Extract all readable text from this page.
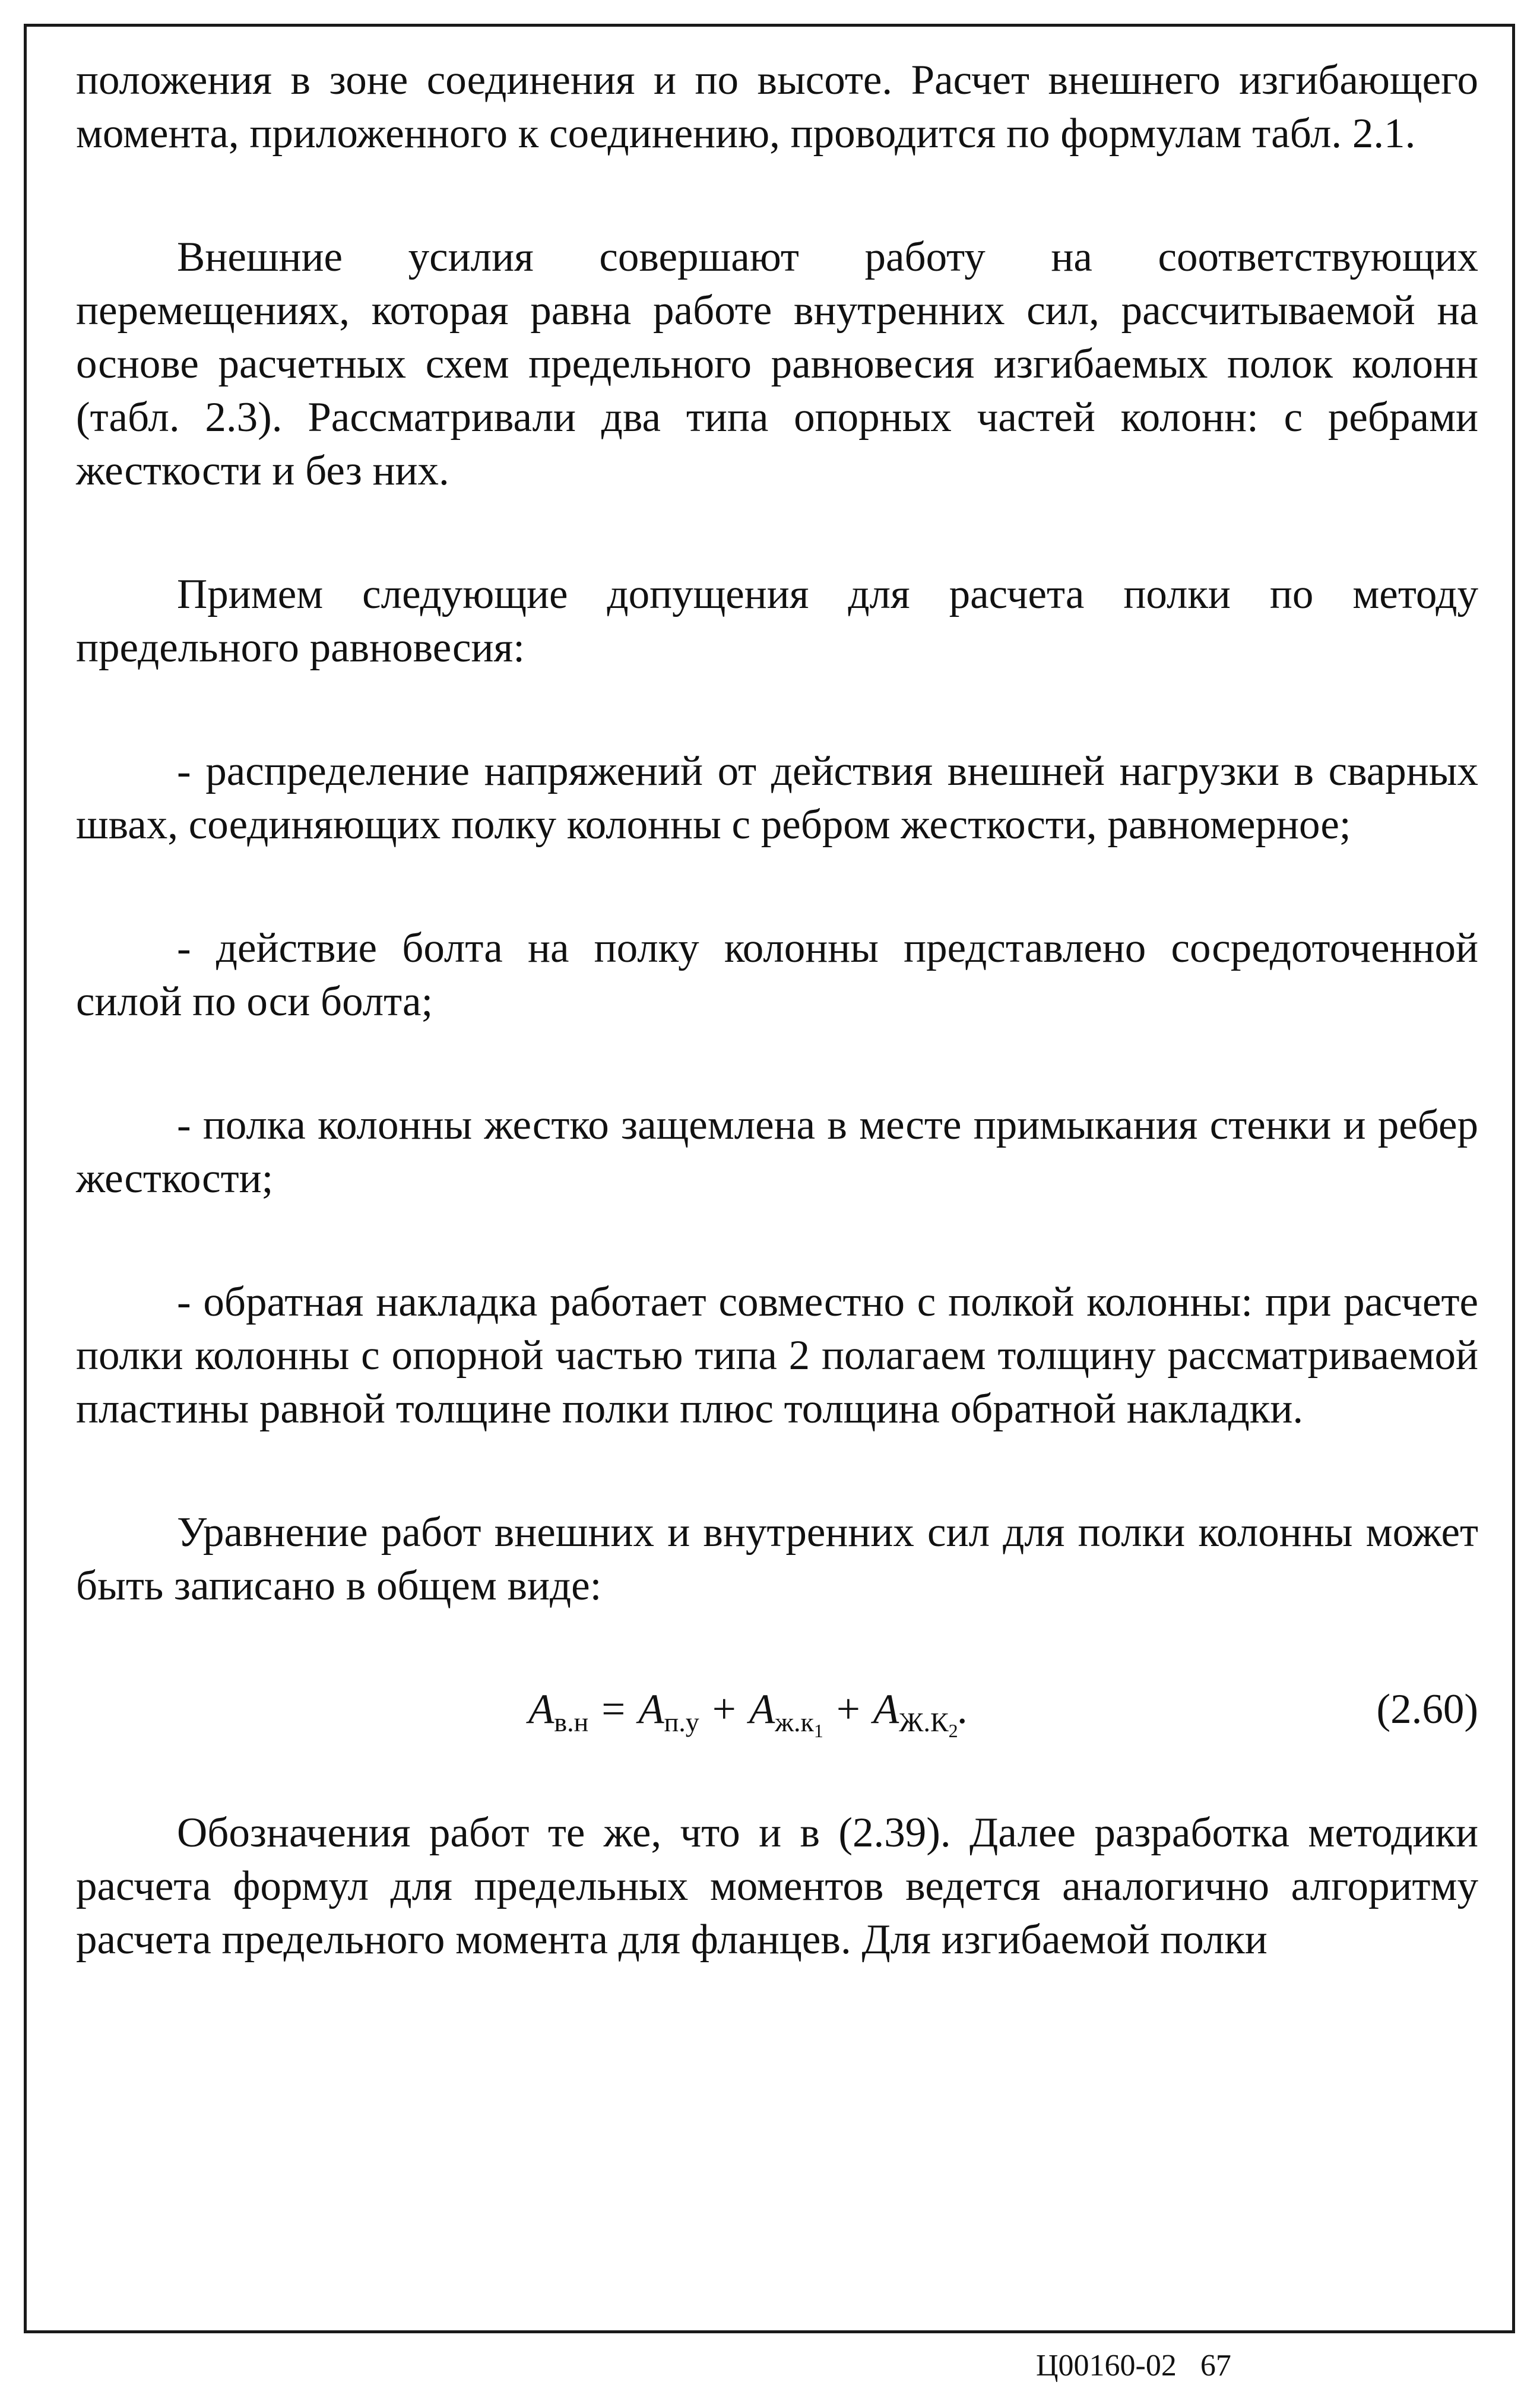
положения в зоне соединения и по высоте. Расчет внешнего изгибающего момента, приложенного к соединению, проводится по формулам табл. 2.1.

Внешние усилия совершают работу на соответствующих перемещениях, которая равна работе внутренних сил, рассчитываемой на основе расчетных схем предельного равновесия изгибаемых полок колонн (табл. 2.3). Рассматривали два типа опорных частей колонн: с ребрами жесткости и без них.

Примем следующие допущения для расчета полки по методу предельного равновесия:

- распределение напряжений от действия внешней нагрузки в сварных швах, соединяющих полку колонны с ребром жесткости, равномерное;

- действие болта на полку колонны представлено сосредоточенной силой по оси болта;

- полка колонны жестко защемлена в месте примыкания стенки и ребер жесткости;

- обратная накладка работает совместно с полкой колонны: при расчете полки колонны с опорной частью типа 2 полагаем толщину рассматриваемой пластины равной толщине полки плюс толщина обратной накладки.

Уравнение работ внешних и внутренних сил для полки колонны может быть записано в общем виде:

$A_{в.н} = A_{п.у} + A_{ж.к_1} + A_{Ж.К_2}$.	(2.60)

Обозначения работ те же, что и в (2.39). Далее разработка методики расчета формул для предельных моментов ведется аналогично алгоритму расчета предельного момента для фланцев. Для изгибаемой полки

Ц00160-02 67
